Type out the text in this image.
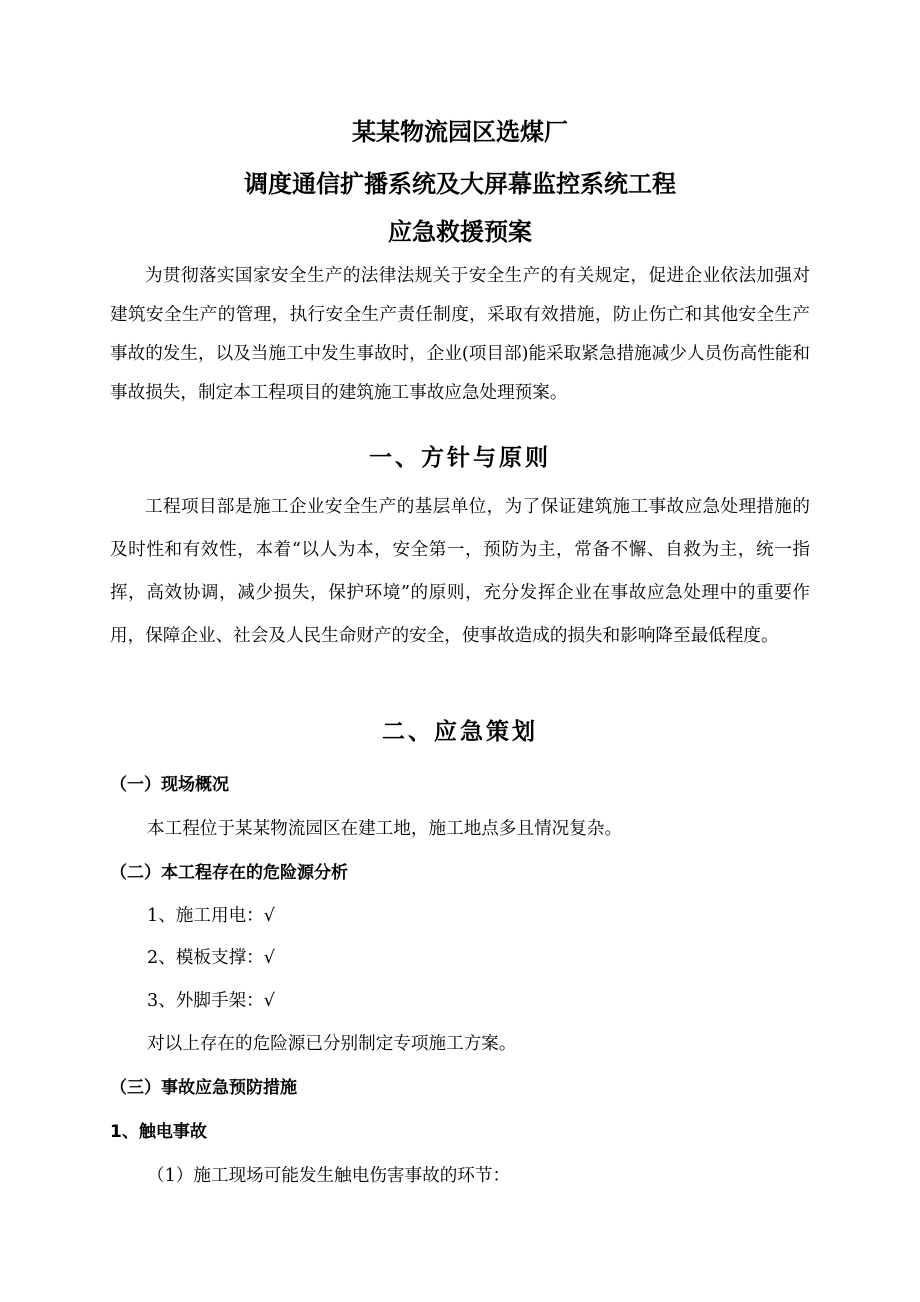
某某物流园区选煤厂
调度通信扩播系统及大屏幕监控系统工程
应急救援预案
为贯彻落实国家安全生产的法律法规关于安全生产的有关规定，促进企业依法加强对建筑安全生产的管理，执行安全生产责任制度，采取有效措施，防止伤亡和其他安全生产事故的发生，以及当施工中发生事故时，企业(项目部)能采取紧急措施减少人员伤高性能和事故损失，制定本工程项目的建筑施工事故应急处理预案。
一、方针与原则
工程项目部是施工企业安全生产的基层单位，为了保证建筑施工事故应急处理措施的及时性和有效性，本着“以人为本，安全第一，预防为主，常备不懈、自救为主，统一指挥，高效协调，减少损失，保护环境”的原则，充分发挥企业在事故应急处理中的重要作用，保障企业、社会及人民生命财产的安全，使事故造成的损失和影响降至最低程度。
二、应急策划
（一）现场概况
本工程位于某某物流园区在建工地，施工地点多且情况复杂。
（二）本工程存在的危险源分析
1、施工用电：√
2、模板支撑：√
3、外脚手架：√
对以上存在的危险源已分别制定专项施工方案。
（三）事故应急预防措施
1、触电事故
（1）施工现场可能发生触电伤害事故的环节：
